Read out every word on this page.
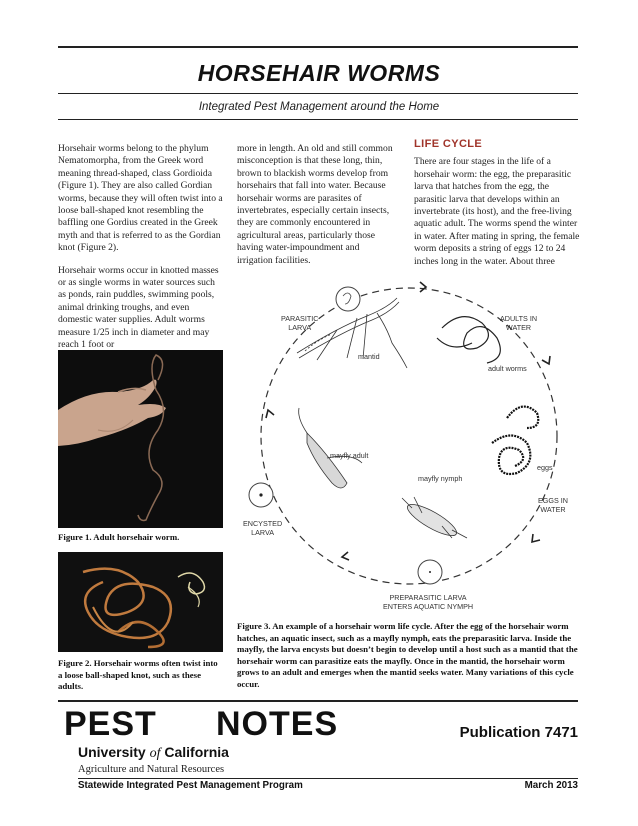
HORSEHAIR WORMS
Integrated Pest Management around the Home

Horsehair worms belong to the phylum Nematomorpha, from the Greek word meaning thread-shaped, class Gordioida (Figure 1). They are also called Gordian worms, because they will often twist into a loose ball-shaped knot resembling the baffling one Gordius created in the Greek myth and that is referred to as the Gordian knot (Figure 2).

Horsehair worms occur in knotted masses or as single worms in water sources such as ponds, rain puddles, swimming pools, animal drinking troughs, and even domestic water supplies. Adult worms measure 1/25 inch in diameter and may reach 1 foot or

more in length. An old and still common misconception is that these long, thin, brown to blackish worms develop from horsehairs that fall into water. Because horsehair worms are parasites of invertebrates, especially certain insects, they are commonly encountered in agricultural areas, particularly those having water-impoundment and irrigation facilities.

LIFE CYCLE

There are four stages in the life of a horsehair worm: the egg, the preparasitic larva that hatches from the egg, the parasitic larva that develops within an invertebrate (its host), and the free-living aquatic adult. The worms spend the winter in water. After mating in spring, the female worm deposits a string of eggs 12 to 24 inches long in the water. About three

Figure 1. Adult horsehair worm.
Figure 2. Horsehair worms often twist into a loose ball-shaped knot, such as these adults.
PARASITIC
LARVA
ADULTS IN
WATER
mantid
adult worms
mayfly adult
eggs
mayfly nymph
EGGS IN
WATER
ENCYSTED
LARVA
PREPARASITIC LARVA
ENTERS AQUATIC NYMPH
Figure 3. An example of a horsehair worm life cycle. After the egg of the horsehair worm hatches, an aquatic insect, such as a mayfly nymph, eats the preparasitic larva. Inside the mayfly, the larva encysts but doesn’t begin to develop until a host such as a mantid that the horsehair worm can parasitize eats the mayfly. Once in the mantid, the horsehair worm grows to an adult and emerges when the mantid seeks water. Many variations of this cycle occur.
PEST NOTES	Publication 7471
University of California
Agriculture and Natural Resources
Statewide Integrated Pest Management Program	March 2013
